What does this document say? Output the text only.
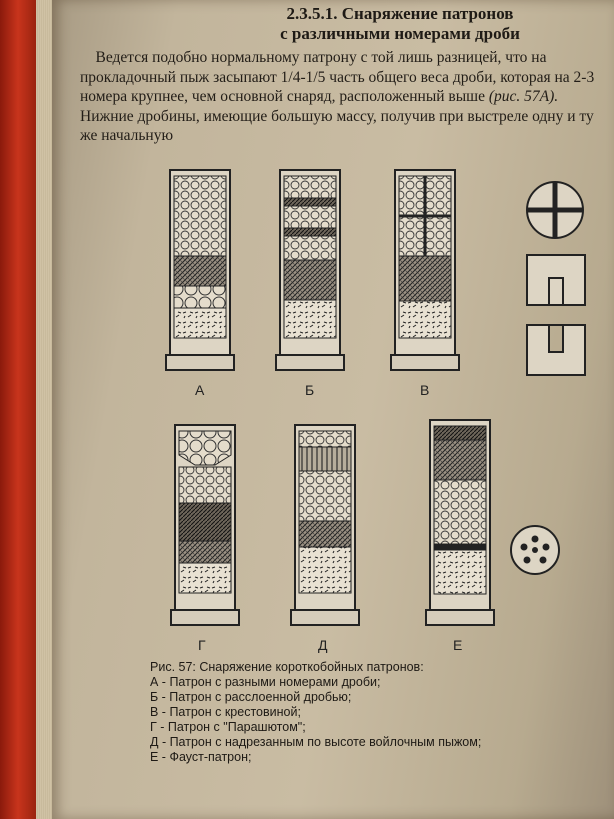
2.3.5.1. Снаряжение патронов
с различными номерами дроби
Ведется подобно нормальному патрону с той лишь разницей, что на прокладочный пыж засыпают 1/4-1/5 часть общего веса дроби, которая на 2-3 номера крупнее, чем основной снаряд, расположенный выше (рис. 57А). Нижние дробины, имеющие большую массу, получив при выстреле одну и ту же начальную
А	Б	В
Г	Д	Е
Рис. 57: Снаряжение короткобойных патронов:
А - Патрон с разными номерами дроби;
Б - Патрон с расслоенной дробью;
В - Патрон с крестовиной;
Г - Патрон с "Парашютом";
Д - Патрон с надрезанным по высоте войлочным пыжом;
Е - Фауст-патрон;
